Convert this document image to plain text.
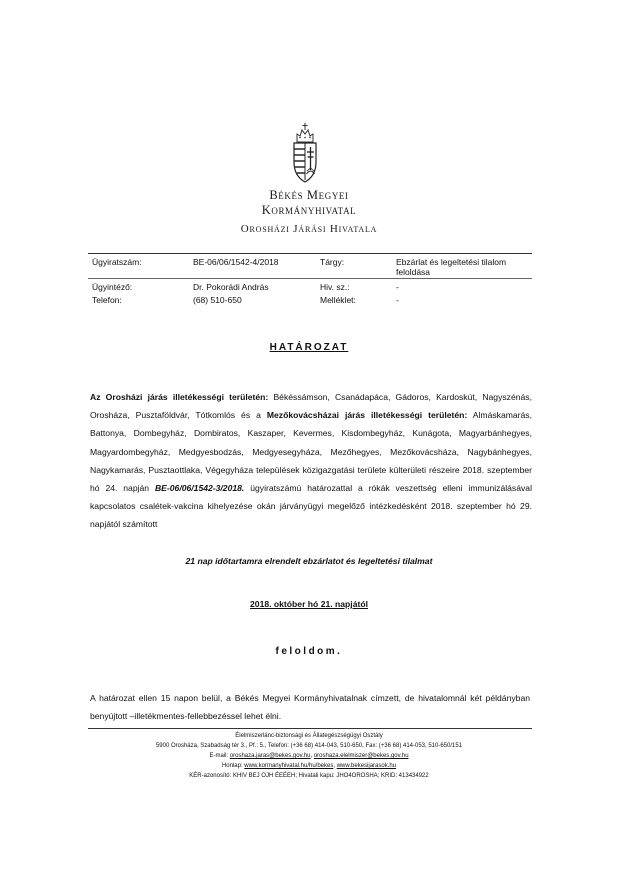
Békés Megyei
Kormányhivatal
Orosházi Járási Hivatala
Ügyiratszám:	BE-06/06/1542-4/2018	Tárgy:	Ebzárlat és legeltetési tilalom
feloldása
Ügyintéző:	Dr. Pokorádi András	Hiv. sz.:	-
Telefon:	(68) 510-650	Melléklet:	-
HATÁROZAT
Az Orosházi járás illetékességi területén: Békéssámson, Csanádapáca, Gádoros, Kardoskút, Nagyszénás, Orosháza, Pusztaföldvár, Tótkomlós és a Mezőkovácsházai járás illetékességi területén: Almáskamarás, Battonya, Dombegyház, Dombiratos, Kaszaper, Kevermes, Kisdombegyház, Kunágota, Magyarbánhegyes, Magyardombegyház, Medgyesbodzás, Medgyesegyháza, Mezőhegyes, Mezőkovácsháza, Nagybánhegyes, Nagykamarás, Pusztaottlaka, Végegyháza települések közigazgatási területe külterületi részeire 2018. szeptember hó 24. napján BE-06/06/1542-3/2018. ügyiratszámú határozattal a rókák veszettség elleni immunizálásával kapcsolatos csalétek-vakcina kihelyezése okán járványügyi megelőző intézkedésként 2018. szeptember hó 29. napjától számított
21 nap időtartamra elrendelt ebzárlatot és legeltetési tilalmat
2018. október hó 21. napjától
feloldom.
A határozat ellen 15 napon belül, a Békés Megyei Kormányhivatalnak címzett, de hivatalomnál két példányban benyújtott –illetékmentes-fellebbezéssel lehet élni.
Élelmiszerlánc-biztonsági és Állategészségügyi Osztály
5900 Orosháza, Szabadság tér 3., Pf.: 5., Telefon: (+36 68) 414-043, 510-650, Fax: (+36 68) 414-053, 510-650/151
E-mail: oroshaza.jaras@bekes.gov.hu, oroshaza.elelmiszer@bekes.gov.hu
Honlap: www.kormanyhivatal.hu/hu/bekes, www.bekesijarasok.hu
KÉR-azonosító: KHIV BEJ OJH ÉEÉEH; Hivatali kapu: JHO4OROSHA; KRID: 413434922
